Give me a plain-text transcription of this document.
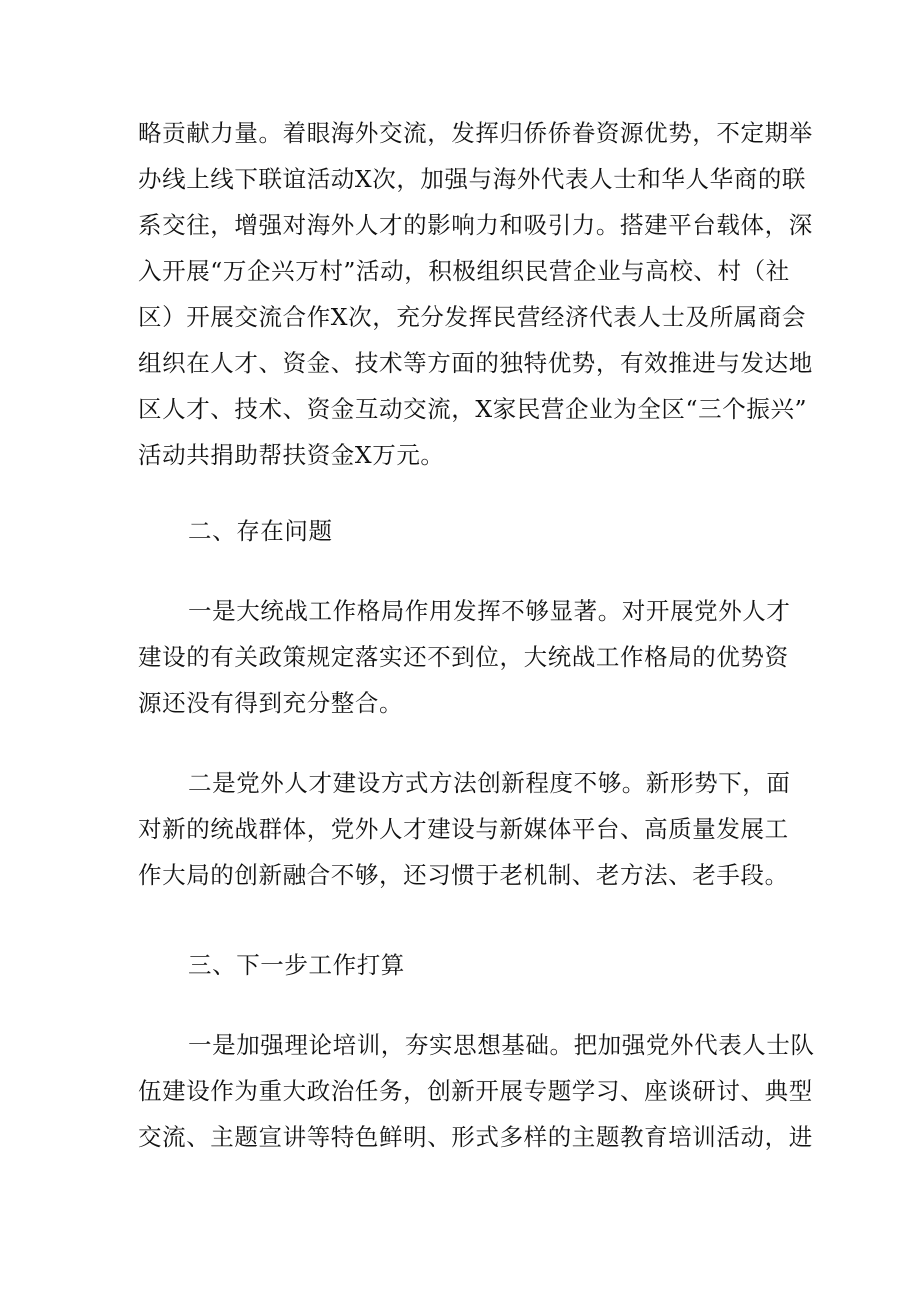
略贡献力量。着眼海外交流，发挥归侨侨眷资源优势，不定期举
办线上线下联谊活动X次，加强与海外代表人士和华人华商的联
系交往，增强对海外人才的影响力和吸引力。搭建平台载体，深
入开展“万企兴万村”活动，积极组织民营企业与高校、村（社
区）开展交流合作X次，充分发挥民营经济代表人士及所属商会
组织在人才、资金、技术等方面的独特优势，有效推进与发达地
区人才、技术、资金互动交流，X家民营企业为全区“三个振兴”
活动共捐助帮扶资金X万元。
二、存在问题
一是大统战工作格局作用发挥不够显著。对开展党外人才
建设的有关政策规定落实还不到位，大统战工作格局的优势资
源还没有得到充分整合。
二是党外人才建设方式方法创新程度不够。新形势下，面
对新的统战群体，党外人才建设与新媒体平台、高质量发展工
作大局的创新融合不够，还习惯于老机制、老方法、老手段。
三、下一步工作打算
一是加强理论培训，夯实思想基础。把加强党外代表人士队
伍建设作为重大政治任务，创新开展专题学习、座谈研讨、典型
交流、主题宣讲等特色鲜明、形式多样的主题教育培训活动，进
